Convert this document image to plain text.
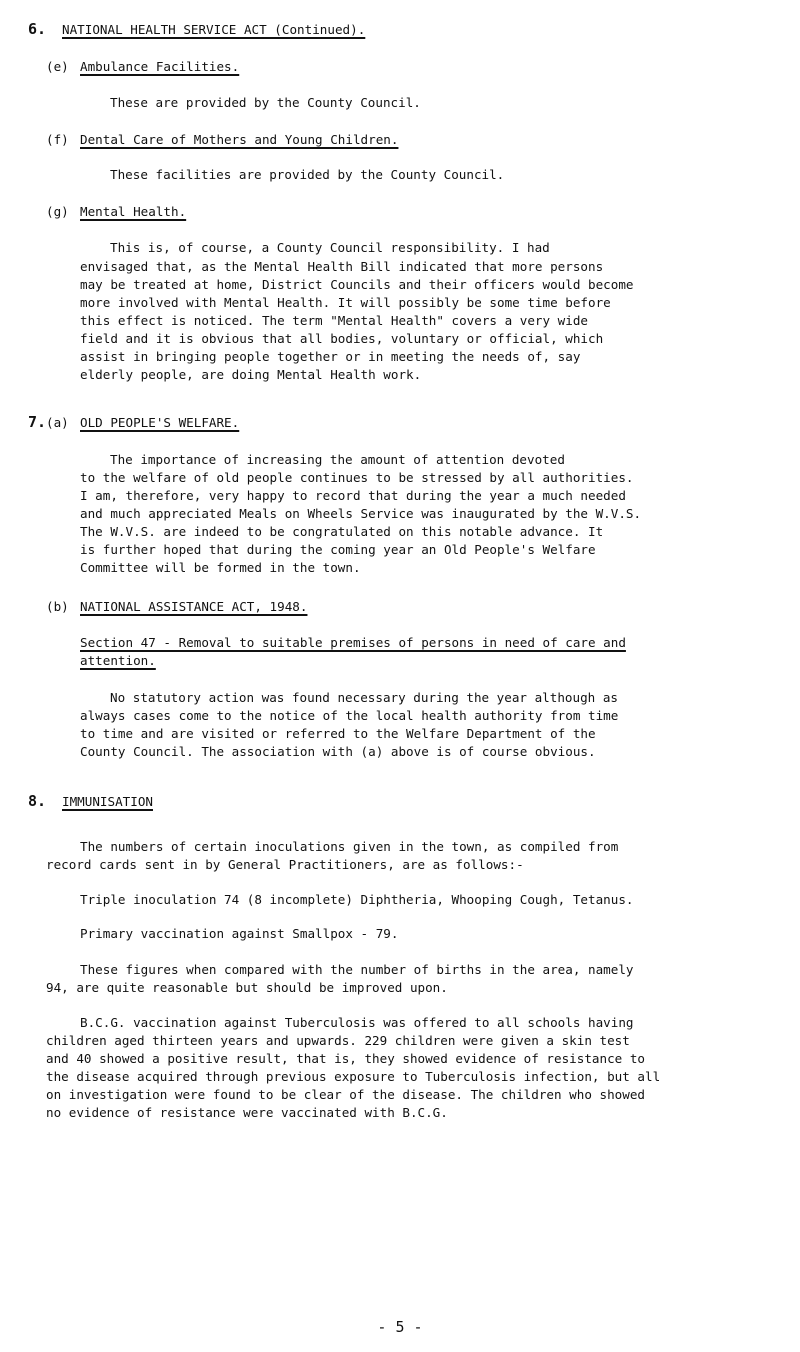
6. NATIONAL HEALTH SERVICE ACT (Continued).
(e) Ambulance Facilities.
These are provided by the County Council.
(f) Dental Care of Mothers and Young Children.
These facilities are provided by the County Council.
(g) Mental Health.
This is, of course, a County Council responsibility. I had
envisaged that, as the Mental Health Bill indicated that more persons
may be treated at home, District Councils and their officers would become
more involved with Mental Health. It will possibly be some time before
this effect is noticed. The term "Mental Health" covers a very wide
field and it is obvious that all bodies, voluntary or official, which
assist in bringing people together or in meeting the needs of, say
elderly people, are doing Mental Health work.
7. (a) OLD PEOPLE'S WELFARE.
The importance of increasing the amount of attention devoted
to the welfare of old people continues to be stressed by all authorities.
I am, therefore, very happy to record that during the year a much needed
and much appreciated Meals on Wheels Service was inaugurated by the W.V.S.
The W.V.S. are indeed to be congratulated on this notable advance. It
is further hoped that during the coming year an Old People's Welfare
Committee will be formed in the town.
(b) NATIONAL ASSISTANCE ACT, 1948.
Section 47 - Removal to suitable premises of persons in need of care and
attention.
No statutory action was found necessary during the year although as
always cases come to the notice of the local health authority from time
to time and are visited or referred to the Welfare Department of the
County Council. The association with (a) above is of course obvious.
8. IMMUNISATION
The numbers of certain inoculations given in the town, as compiled from
record cards sent in by General Practitioners, are as follows:-
Triple inoculation 74 (8 incomplete) Diphtheria, Whooping Cough, Tetanus.
Primary vaccination against Smallpox - 79.
These figures when compared with the number of births in the area, namely
94, are quite reasonable but should be improved upon.
B.C.G. vaccination against Tuberculosis was offered to all schools having
children aged thirteen years and upwards. 229 children were given a skin test
and 40 showed a positive result, that is, they showed evidence of resistance to
the disease acquired through previous exposure to Tuberculosis infection, but all
on investigation were found to be clear of the disease. The children who showed
no evidence of resistance were vaccinated with B.C.G.
- 5 -
